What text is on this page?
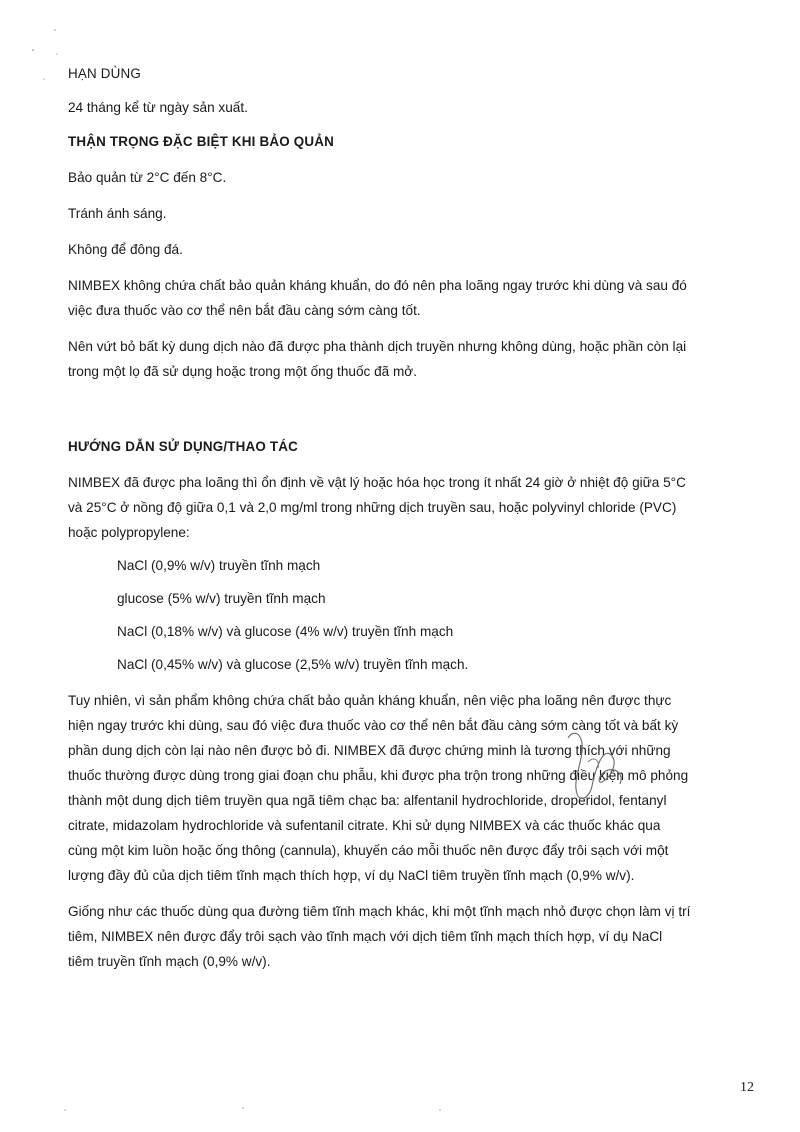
HẠN DÙNG

24 tháng kể từ ngày sản xuất.

THẬN TRỌNG ĐẶC BIỆT KHI BẢO QUẢN

Bảo quản từ 2°C đến 8°C.

Tránh ánh sáng.

Không để đông đá.

NIMBEX không chứa chất bảo quản kháng khuẩn, do đó nên pha loãng ngay trước khi dùng và sau đó

việc đưa thuốc vào cơ thể nên bắt đầu càng sớm càng tốt.

Nên vứt bỏ bất kỳ dung dịch nào đã được pha thành dịch truyền nhưng không dùng, hoặc phần còn lại

trong một lọ đã sử dụng hoặc trong một ống thuốc đã mở.

HƯỚNG DẪN SỬ DỤNG/THAO TÁC

NIMBEX đã được pha loãng thì ổn định về vật lý hoặc hóa học trong ít nhất 24 giờ ở nhiệt độ giữa 5°C

và 25°C ở nồng độ giữa 0,1 và 2,0 mg/ml trong những dịch truyền sau, hoặc polyvinyl chloride (PVC)

hoặc polypropylene:

NaCl (0,9% w/v) truyền tĩnh mạch

glucose (5% w/v) truyền tĩnh mạch

NaCl (0,18% w/v) và glucose (4% w/v) truyền tĩnh mạch

NaCl (0,45% w/v) và glucose (2,5% w/v) truyền tĩnh mạch.

Tuy nhiên, vì sản phẩm không chứa chất bảo quản kháng khuẩn, nên việc pha loãng nên được thực

hiện ngay trước khi dùng, sau đó việc đưa thuốc vào cơ thể nên bắt đầu càng sớm càng tốt và bất kỳ

phần dung dịch còn lại nào nên được bỏ đi. NIMBEX đã được chứng minh là tương thích với những

thuốc thường được dùng trong giai đoạn chu phẫu, khi được pha trộn trong những điều kiện mô phỏng

thành một dung dịch tiêm truyền qua ngã tiêm chạc ba: alfentanil hydrochloride, droperidol, fentanyl

citrate, midazolam hydrochloride và sufentanil citrate. Khi sử dụng NIMBEX và các thuốc khác qua

cùng một kim luồn hoặc ống thông (cannula), khuyến cáo mỗi thuốc nên được đẩy trôi sạch với một

lượng đầy đủ của dịch tiêm tĩnh mạch thích hợp, ví dụ NaCl tiêm truyền tĩnh mạch (0,9% w/v).

Giống như các thuốc dùng qua đường tiêm tĩnh mạch khác, khi một tĩnh mạch nhỏ được chọn làm vị trí

tiêm, NIMBEX nên được đẩy trôi sạch vào tĩnh mạch với dịch tiêm tĩnh mạch thích hợp, ví dụ NaCl

tiêm truyền tĩnh mạch (0,9% w/v).

12
